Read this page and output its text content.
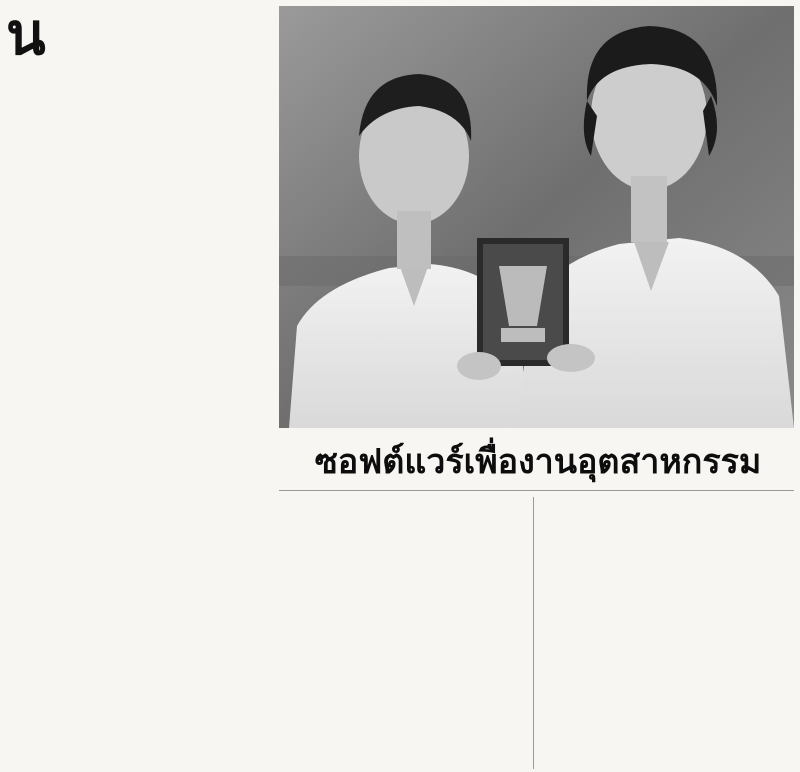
น

ซอฟต์แวร์เพื่องานอุตสาหกรรม
